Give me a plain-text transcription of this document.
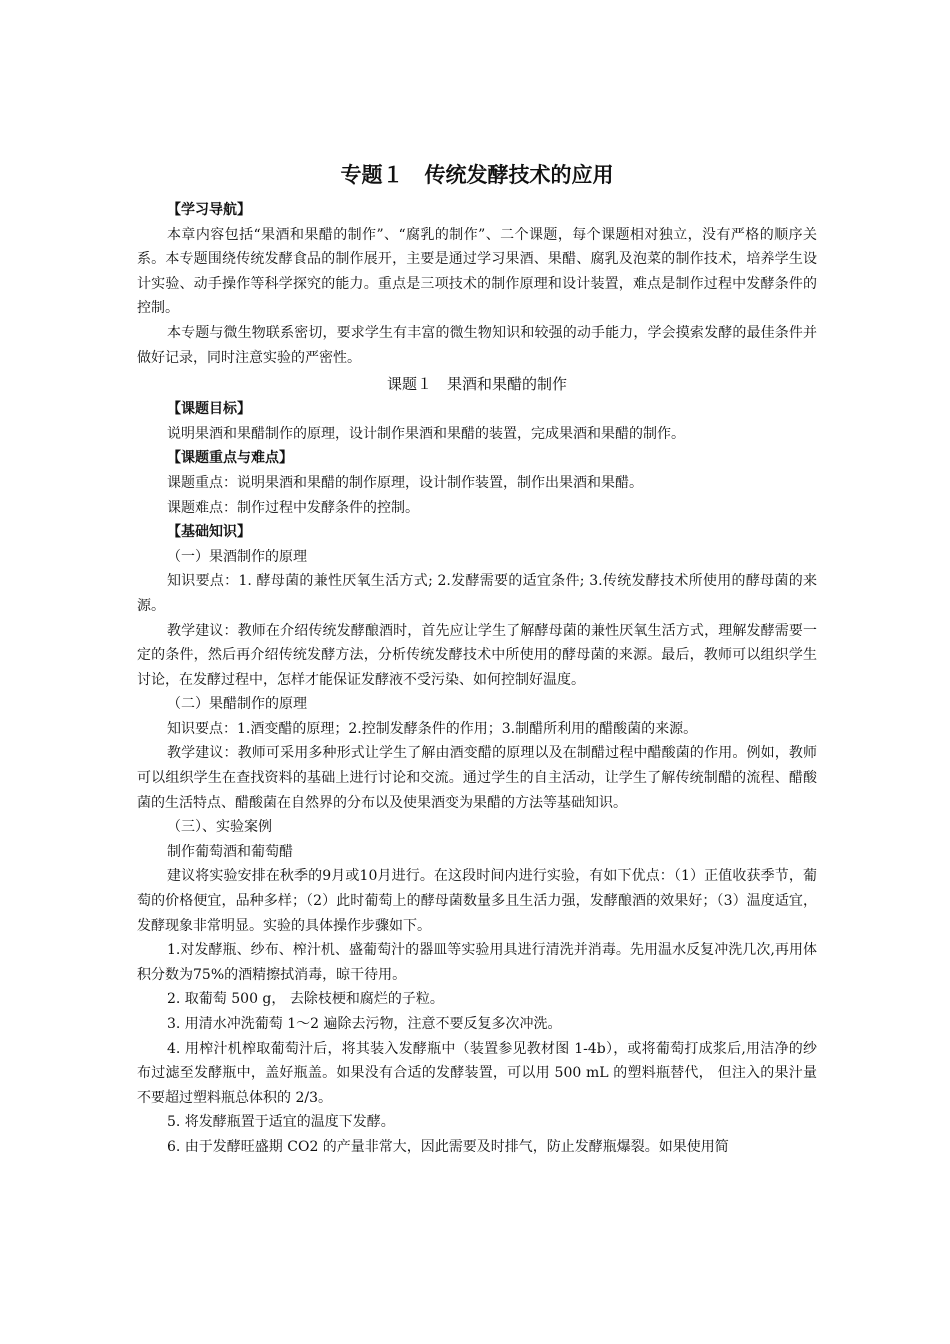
专题１　传统发酵技术的应用

【学习导航】

本章内容包括“果酒和果醋的制作”、“腐乳的制作”、二个课题，每个课题相对独立，没有严格的顺序关系。本专题围绕传统发酵食品的制作展开，主要是通过学习果酒、果醋、腐乳及泡菜的制作技术，培养学生设计实验、动手操作等科学探究的能力。重点是三项技术的制作原理和设计装置，难点是制作过程中发酵条件的控制。

本专题与微生物联系密切，要求学生有丰富的微生物知识和较强的动手能力，学会摸索发酵的最佳条件并做好记录，同时注意实验的严密性。

课题１　果酒和果醋的制作

【课题目标】

说明果酒和果醋制作的原理，设计制作果酒和果醋的装置，完成果酒和果醋的制作。

【课题重点与难点】

课题重点：说明果酒和果醋的制作原理，设计制作装置，制作出果酒和果醋。

课题难点：制作过程中发酵条件的控制。

【基础知识】

（一）果酒制作的原理

知识要点：1. 酵母菌的兼性厌氧生活方式; 2.发酵需要的适宜条件; 3.传统发酵技术所使用的酵母菌的来源。

教学建议：教师在介绍传统发酵酿酒时，首先应让学生了解酵母菌的兼性厌氧生活方式，理解发酵需要一定的条件，然后再介绍传统发酵方法，分析传统发酵技术中所使用的酵母菌的来源。最后，教师可以组织学生讨论，在发酵过程中，怎样才能保证发酵液不受污染、如何控制好温度。

（二）果醋制作的原理

知识要点：1.酒变醋的原理；2.控制发酵条件的作用；3.制醋所利用的醋酸菌的来源。

教学建议：教师可采用多种形式让学生了解由酒变醋的原理以及在制醋过程中醋酸菌的作用。例如，教师可以组织学生在查找资料的基础上进行讨论和交流。通过学生的自主活动，让学生了解传统制醋的流程、醋酸菌的生活特点、醋酸菌在自然界的分布以及使果酒变为果醋的方法等基础知识。

（三）、实验案例

制作葡萄酒和葡萄醋

建议将实验安排在秋季的9月或10月进行。在这段时间内进行实验，有如下优点：（1）正值收获季节，葡萄的价格便宜，品种多样；（2）此时葡萄上的酵母菌数量多且生活力强，发酵酿酒的效果好；（3）温度适宜，发酵现象非常明显。实验的具体操作步骤如下。

1.对发酵瓶、纱布、榨汁机、盛葡萄汁的器皿等实验用具进行清洗并消毒。先用温水反复冲洗几次,再用体积分数为75%的酒精擦拭消毒，晾干待用。

2. 取葡萄 500 g， 去除枝梗和腐烂的子粒。

3. 用清水冲洗葡萄 1～2 遍除去污物，注意不要反复多次冲洗。

4. 用榨汁机榨取葡萄汁后，将其装入发酵瓶中（装置参见教材图 1-4b），或将葡萄打成浆后,用洁净的纱布过滤至发酵瓶中，盖好瓶盖。如果没有合适的发酵装置，可以用 500 mL 的塑料瓶替代， 但注入的果汁量不要超过塑料瓶总体积的 2/3。

5. 将发酵瓶置于适宜的温度下发酵。

6. 由于发酵旺盛期 CO2 的产量非常大，因此需要及时排气，防止发酵瓶爆裂。如果使用简
